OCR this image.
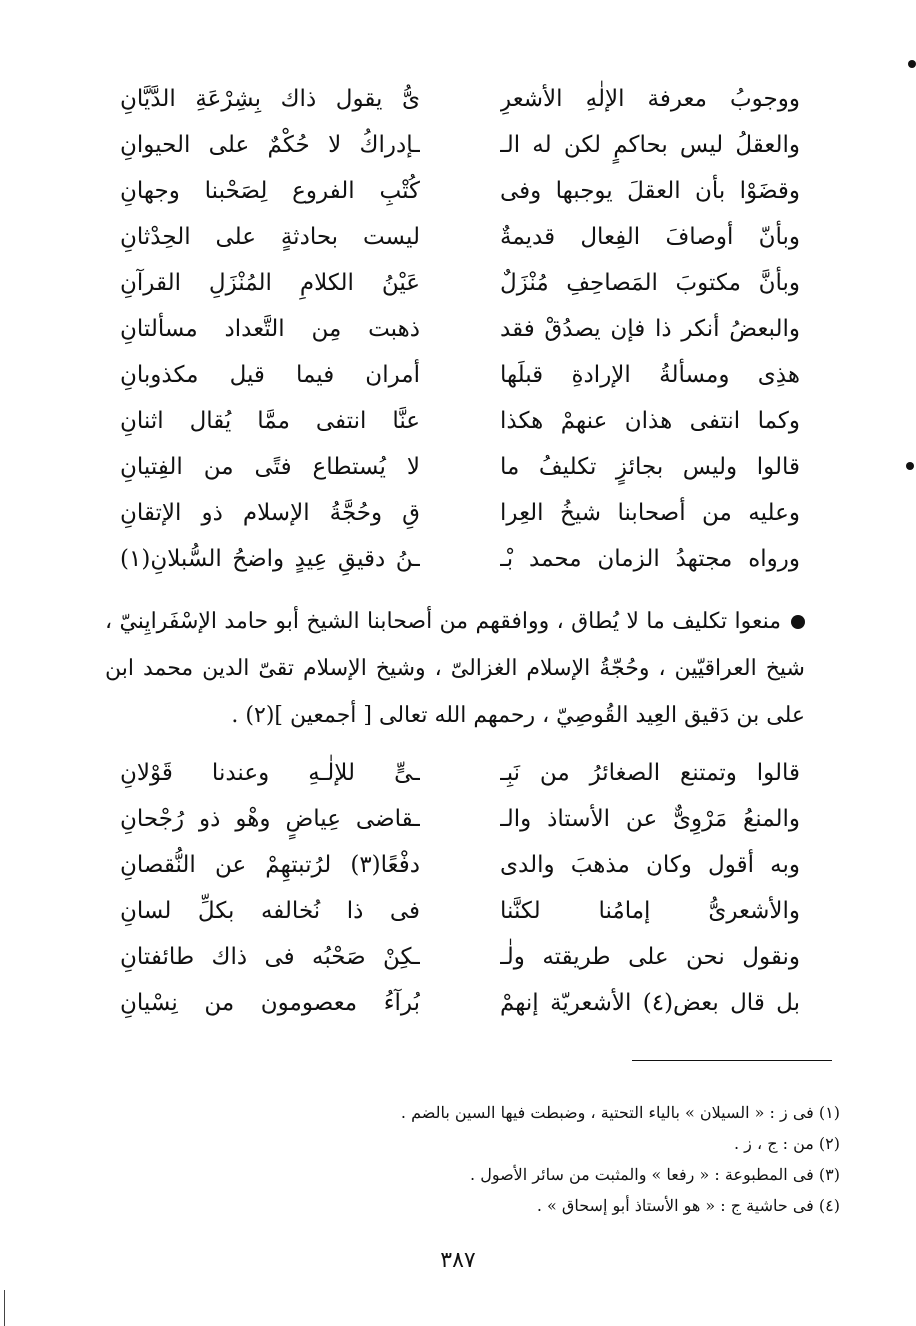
ووجوبُ معرفة الإلٰهِ الأشعرِ
ىُّ يقول ذاك بِشِرْعَةِ الدَّيَّانِ
والعقلُ ليس بحاكمٍ لكن له الـ
ـإدراكُ لا حُكْمٌ على الحيوانِ
وقضَوْا بأن العقلَ يوجبها وفى
كُتْبِ الفروع لِصَحْبنا وجهانِ
وبأنّ أوصافَ الفِعال قديمةٌ
ليست بحادثةٍ على الحِدْثانِ
وبأنَّ مكتوبَ المَصاحِفِ مُنْزَلٌ
عَيْنُ الكلامِ المُنْزَلِ القرآنِ
والبعضُ أنكر ذا فإن يصدُقْ فقد
ذهبت مِن التَّعداد مسألتانِ
هذِى ومسألةُ الإرادةِ قبلَها
أمران فيما قيل مكذوبانِ
وكما انتفى هذان عنهمْ هكذا
عنَّا انتفى ممَّا يُقال اثنانِ
قالوا وليس بجائزٍ تكليفُ ما
لا يُستطاع فتًى من الفِتيانِ
وعليه من أصحابنا شيخُ العِرا
قِ وحُجَّةُ الإسلام ذو الإتقانِ
ورواه مجتهدُ الزمان محمد بْـ
ـنُ دقيقِ عِيدٍ واضحُ السُّبلانِ(١)
منعوا تكليف ما لا يُطاق ، ووافقهم من أصحابنا الشيخ أبو حامد الإسْفَرايِنيّ ، شيخ العراقيّين ، وحُجّةُ الإسلام الغزالىّ ، وشيخ الإسلام تقىّ الدين محمد ابن على بن دَقيق العِيد القُوصِيّ ، رحمهم الله تعالى [ أجمعين ](٢) .
قالوا وتمتنع الصغائرُ من نَبِـ
ـىٍّ للإلٰـهِ وعندنا قَوْلانِ
والمنعُ مَرْوِىٌّ عن الأستاذ والـ
ـقاضى عِياضٍ وهْو ذو رُجْحانِ
وبه أقول وكان مذهبَ والدى
دفْعًا(٣) لرُتبتهِمْ عن النُّقصانِ
والأشعرىُّ إمامُنا لكنَّنا
فى ذا نُخالفه بكلِّ لسانِ
ونقول نحن على طريقته ولٰـ
ـكِنْ صَحْبُه فى ذاك طائفتانِ
بل قال بعض(٤) الأشعريّة إنهمْ
بُرآءُ معصومون من نِسْيانِ
(١) فى ز : « السيلان » بالياء التحتية ، وضبطت فيها السين بالضم .
(٢) من : ج ، ز .
(٣) فى المطبوعة : « رفعا » والمثبت من سائر الأصول .
(٤) فى حاشية ج : « هو الأستاذ أبو إسحاق » .
٣٨٧
